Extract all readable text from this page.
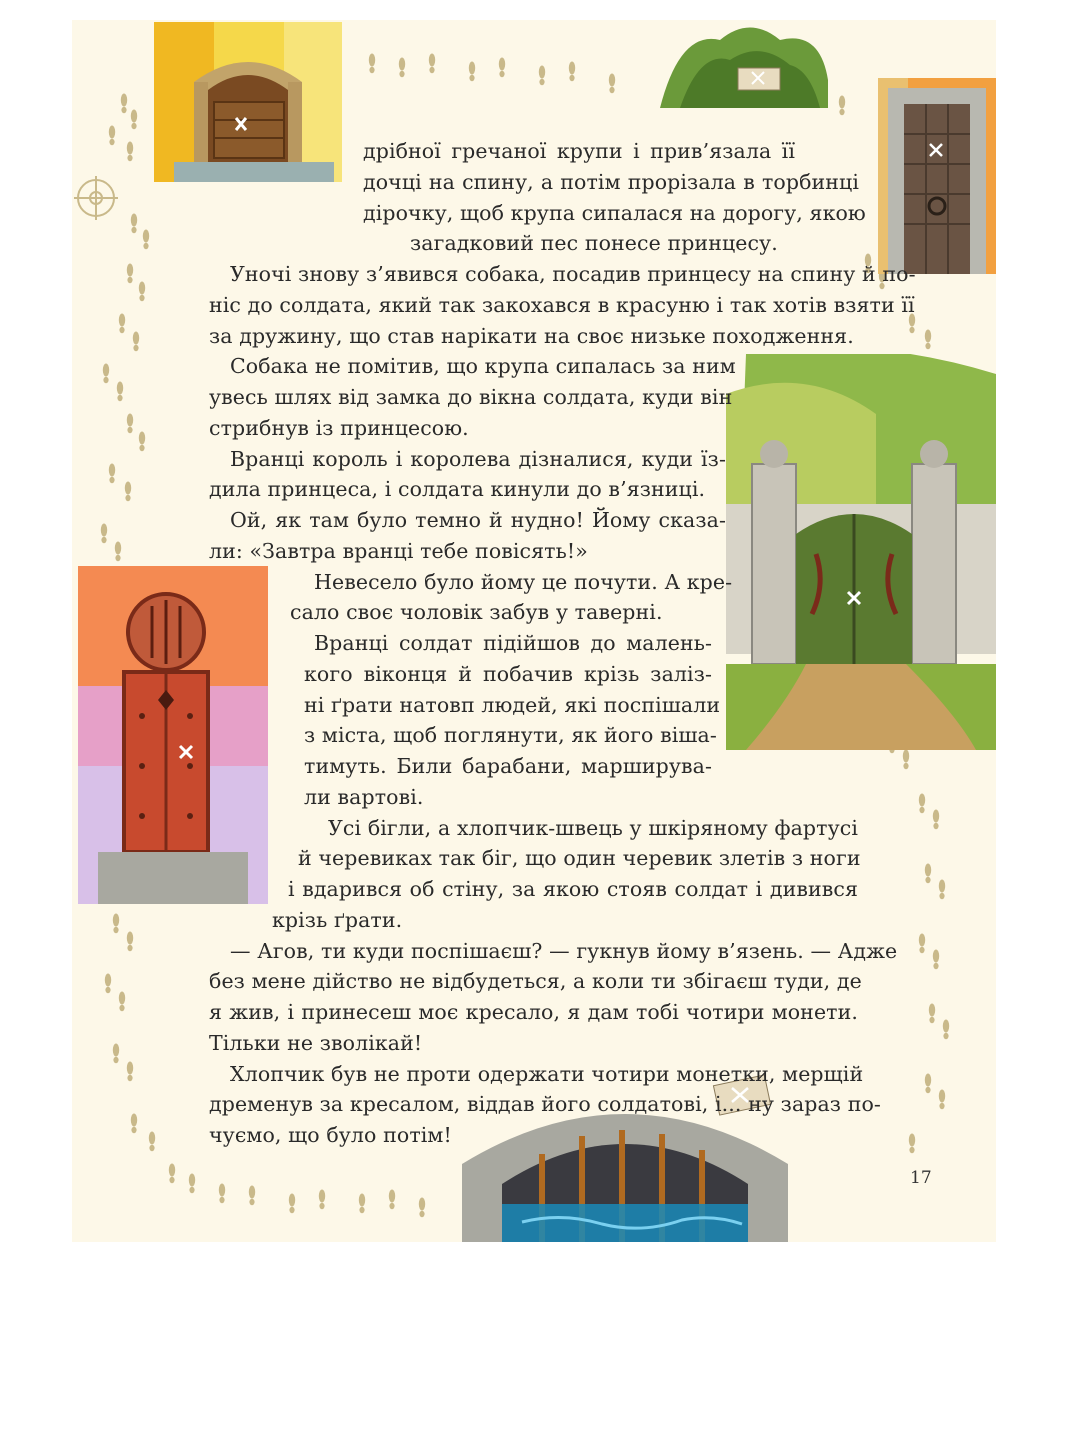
дрібної гречаної крупи і прив’язала її
дочці на спину, а потім прорізала в торбинці
дірочку, щоб крупа сипалася на дорогу, якою
загадковий пес понесе принцесу.
Уночі знову з’явився собака, посадив принцесу на спину й по-
ніс до солдата, який так закохався в красуню і так хотів взяти її
за дружину, що став нарікати на своє низьке походження.
Собака не помітив, що крупа сипалась за ним
увесь шлях від замка до вікна солдата, куди він
стрибнув із принцесою.
Вранці король і королева дізналися, куди їз-
дила принцеса, і солдата кинули до в’язниці.
Ой, як там було темно й нудно! Йому сказа-
ли: «Завтра вранці тебе повісять!»
Невесело було йому це почути. А кре-
сало своє чоловік забув у таверні.
Вранці солдат підійшов до малень-
кого віконця й побачив крізь заліз-
ні ґрати натовп людей, які поспішали
з міста, щоб поглянути, як його віша-
тимуть. Били барабани, марширува-
ли вартові.
Усі бігли, а хлопчик-швець у шкіряному фартусі
й черевиках так біг, що один черевик злетів з ноги
і вдарився об стіну, за якою стояв солдат і дивився
крізь ґрати.
— Агов, ти куди поспішаєш? — гукнув йому в’язень. — Адже
без мене дійство не відбудеться, а коли ти збігаєш туди, де
я жив, і принесеш моє кресало, я дам тобі чотири монети.
Тільки не зволікай!
Хлопчик був не проти одержати чотири монетки, мерщій
дременув за кресалом, віддав його солдатові, і... ну зараз по-
чуємо, що було потім!
17
